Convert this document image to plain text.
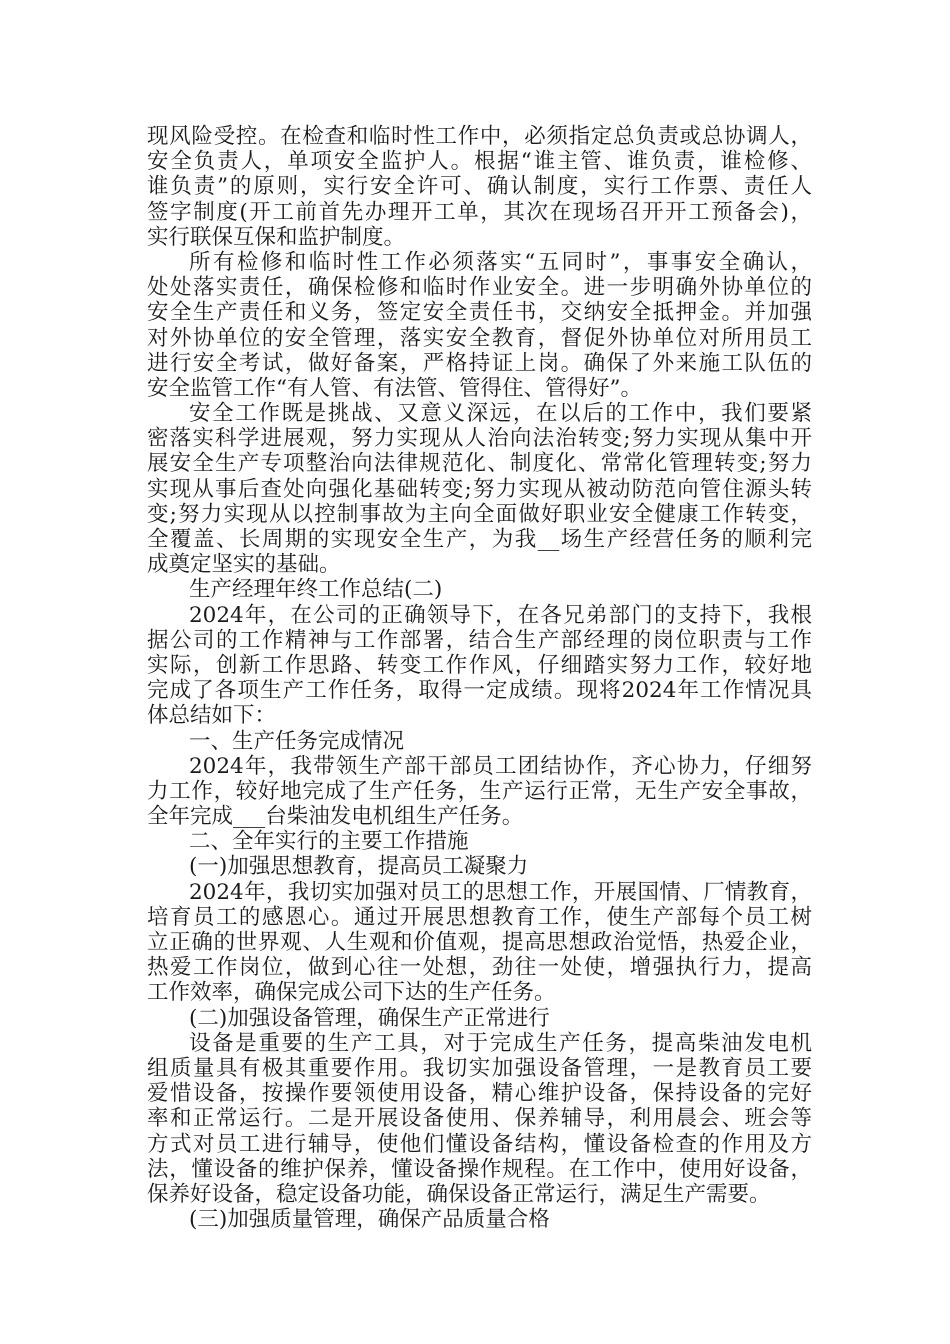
现风险受控。在检查和临时性工作中，必须指定总负责或总协调人，
安全负责人，单项安全监护人。根据“谁主管、谁负责，谁检修、
谁负责”的原则，实行安全许可、确认制度，实行工作票、责任人
签字制度(开工前首先办理开工单，其次在现场召开开工预备会)，
实行联保互保和监护制度。
所有检修和临时性工作必须落实“五同时”，事事安全确认，
处处落实责任，确保检修和临时作业安全。进一步明确外协单位的
安全生产责任和义务，签定安全责任书，交纳安全抵押金。并加强
对外协单位的安全管理，落实安全教育，督促外协单位对所用员工
进行安全考试，做好备案，严格持证上岗。确保了外来施工队伍的
安全监管工作“有人管、有法管、管得住、管得好”。
安全工作既是挑战、又意义深远，在以后的工作中，我们要紧
密落实科学进展观，努力实现从人治向法治转变;努力实现从集中开
展安全生产专项整治向法律规范化、制度化、常常化管理转变;努力
实现从事后查处向强化基础转变;努力实现从被动防范向管住源头转
变;努力实现从以控制事故为主向全面做好职业安全健康工作转变，
全覆盖、长周期的实现安全生产，为我__场生产经营任务的顺利完
成奠定坚实的基础。
生产经理年终工作总结(二)
2024年，在公司的正确领导下，在各兄弟部门的支持下，我根
据公司的工作精神与工作部署，结合生产部经理的岗位职责与工作
实际，创新工作思路、转变工作作风，仔细踏实努力工作，较好地
完成了各项生产工作任务，取得一定成绩。现将2024年工作情况具
体总结如下：
一、生产任务完成情况
2024年，我带领生产部干部员工团结协作，齐心协力，仔细努
力工作，较好地完成了生产任务，生产运行正常，无生产安全事故，
全年完成___台柴油发电机组生产任务。
二、全年实行的主要工作措施
(一)加强思想教育，提高员工凝聚力
2024年，我切实加强对员工的思想工作，开展国情、厂情教育，
培育员工的感恩心。通过开展思想教育工作，使生产部每个员工树
立正确的世界观、人生观和价值观，提高思想政治觉悟，热爱企业，
热爱工作岗位，做到心往一处想，劲往一处使，增强执行力，提高
工作效率，确保完成公司下达的生产任务。
(二)加强设备管理，确保生产正常进行
设备是重要的生产工具，对于完成生产任务，提高柴油发电机
组质量具有极其重要作用。我切实加强设备管理，一是教育员工要
爱惜设备，按操作要领使用设备，精心维护设备，保持设备的完好
率和正常运行。二是开展设备使用、保养辅导，利用晨会、班会等
方式对员工进行辅导，使他们懂设备结构，懂设备检查的作用及方
法，懂设备的维护保养，懂设备操作规程。在工作中，使用好设备，
保养好设备，稳定设备功能，确保设备正常运行，满足生产需要。
(三)加强质量管理，确保产品质量合格
